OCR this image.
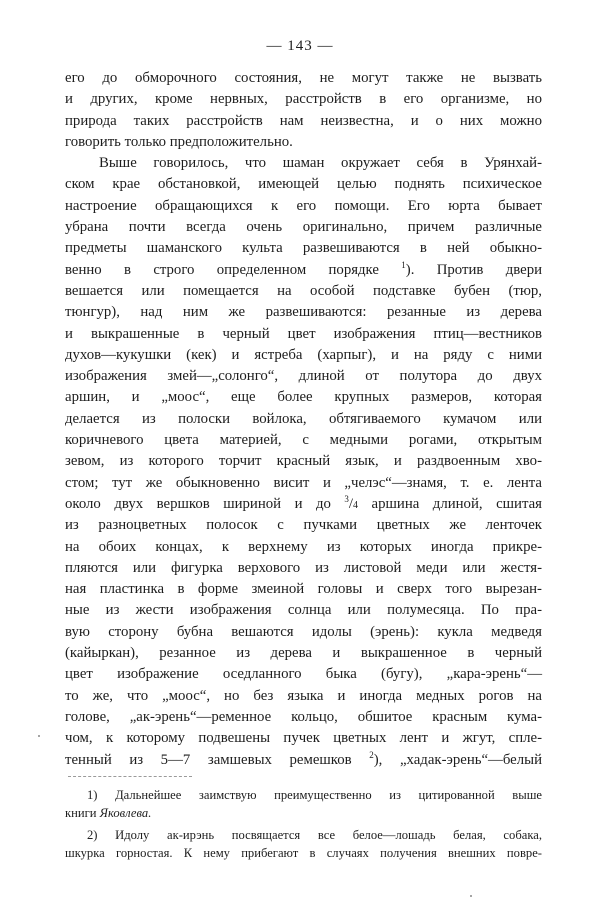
— 143 —
его до обморочного состояния, не могут также не вызвать
и других, кроме нервных, расстройств в его организме, но
природа таких расстройств нам неизвестна, и о них можно
говорить только предположительно.
Выше говорилось, что шаман окружает себя в Урянхай-
ском крае обстановкой, имеющей целью поднять психическое
настроение обращающихся к его помощи. Его юрта бывает
убрана почти всегда очень оригинально, причем различные
предметы шаманского культа развешиваются в ней обыкно-
венно в строго определенном порядке $^1$). Против двери
вешается или помещается на особой подставке бубен (тюр,
тюнгур), над ним же развешиваются: резанные из дерева
и выкрашенные в черный цвет изображения птиц—вестников
духов—кукушки (кек) и ястреба (харпыг), и на ряду с ними
изображения змей—„солонго“, длиной от полутора до двух
аршин, и „моос“, еще более крупных размеров, которая
делается из полоски войлока, обтягиваемого кумачом или
коричневого цвета материей, с медными рогами, открытым
зевом, из которого торчит красный язык, и раздвоенным хво-
стом; тут же обыкновенно висит и „челэс“—знамя, т. е. лента
около двух вершков шириной и до $^3$/4 аршина длиной, сшитая
из разноцветных полосок с пучками цветных же ленточек
на обоих концах, к верхнему из которых иногда прикре-
пляются или фигурка верхового из листовой меди или жестя-
ная пластинка в форме змеиной головы и сверх того вырезан-
ные из жести изображения солнца или полумесяца. По пра-
вую сторону бубна вешаются идолы (эрень): кукла медведя
(кайыркан), резанное из дерева и выкрашенное в черный
цвет изображение оседланного быка (бугу), „кара-эрень“—
то же, что „моос“, но без языка и иногда медных рогов на
голове, „ак-эрень“—ременное кольцо, обшитое красным кума-
чом, к которому подвешены пучек цветных лент и жгут, спле-
тенный из 5—7 замшевых ремешков $^2$), „хадак-эрень“—белый
1) Дальнейшее заимствую преимущественно из цитированной выше
книги Яковлева.
2) Идолу ак-ирэнь посвящается все белое—лошадь белая, собака,
шкурка горностая. К нему прибегают в случаях получения внешних повре-
